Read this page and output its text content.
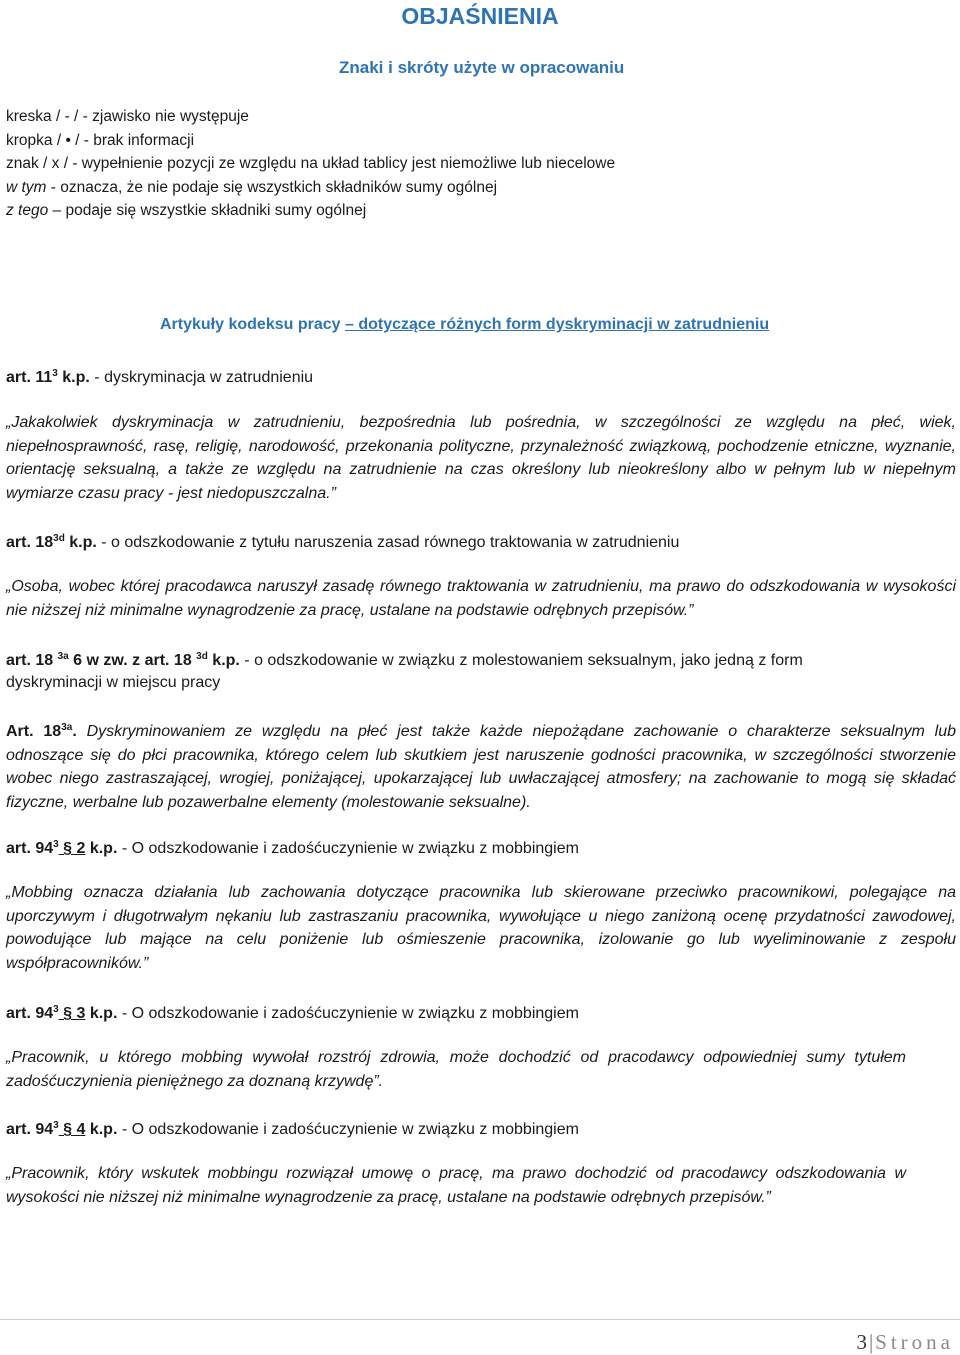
OBJAŚNIENIA
Znaki i skróty użyte w opracowaniu
kreska / - / - zjawisko nie występuje
kropka / • / - brak informacji
znak / x / - wypełnienie pozycji ze względu na układ tablicy jest niemożliwe lub niecelowe
w tym - oznacza, że nie podaje się wszystkich składników sumy ogólnej
z tego – podaje się wszystkie składniki sumy ogólnej
Artykuły kodeksu pracy – dotyczące różnych form dyskryminacji w zatrudnieniu
art. $11^3$ k.p. - dyskryminacja w zatrudnieniu
„Jakakolwiek dyskryminacja w zatrudnieniu, bezpośrednia lub pośrednia, w szczególności ze względu na płeć, wiek, niepełnosprawność, rasę, religię, narodowość, przekonania polityczne, przynależność związkową, pochodzenie etniczne, wyznanie, orientację seksualną, a także ze względu na zatrudnienie na czas określony lub nieokreślony albo w pełnym lub w niepełnym wymiarze czasu pracy - jest niedopuszczalna.”
art. $18^{3d}$ k.p. - o odszkodowanie z tytułu naruszenia zasad równego traktowania w zatrudnieniu
„Osoba, wobec której pracodawca naruszył zasadę równego traktowania w zatrudnieniu, ma prawo do odszkodowania w wysokości nie niższej niż minimalne wynagrodzenie za pracę, ustalane na podstawie odrębnych przepisów.”
art. 18 $^{3a}$ 6 w zw. z art. 18 $^{3d}$ k.p. - o odszkodowanie w związku z molestowaniem seksualnym, jako jedną z form
dyskryminacji w miejscu pracy
Art. $18^{3a}$. Dyskryminowaniem ze względu na płeć jest także każde niepożądane zachowanie o charakterze seksualnym lub odnoszące się do płci pracownika, którego celem lub skutkiem jest naruszenie godności pracownika, w szczególności stworzenie wobec niego zastraszającej, wrogiej, poniżającej, upokarzającej lub uwłaczającej atmosfery; na zachowanie to mogą się składać fizyczne, werbalne lub pozawerbalne elementy (molestowanie seksualne).
art. $94^3$ § 2 k.p. - O odszkodowanie i zadośćuczynienie w związku z mobbingiem
„Mobbing oznacza działania lub zachowania dotyczące pracownika lub skierowane przeciwko pracownikowi, polegające na uporczywym i długotrwałym nękaniu lub zastraszaniu pracownika, wywołujące u niego zaniżoną ocenę przydatności zawodowej, powodujące lub mające na celu poniżenie lub ośmieszenie pracownika, izolowanie go lub wyeliminowanie z zespołu współpracowników.”
art. $94^3$ § 3 k.p. - O odszkodowanie i zadośćuczynienie w związku z mobbingiem
„Pracownik, u którego mobbing wywołał rozstrój zdrowia, może dochodzić od pracodawcy odpowiedniej sumy tytułem zadośćuczynienia pieniężnego za doznaną krzywdę”.
art. $94^3$ § 4 k.p. - O odszkodowanie i zadośćuczynienie w związku z mobbingiem
„Pracownik, który wskutek mobbingu rozwiązał umowę o pracę, ma prawo dochodzić od pracodawcy odszkodowania w wysokości nie niższej niż minimalne wynagrodzenie za pracę, ustalane na podstawie odrębnych przepisów.”
3|Strona
